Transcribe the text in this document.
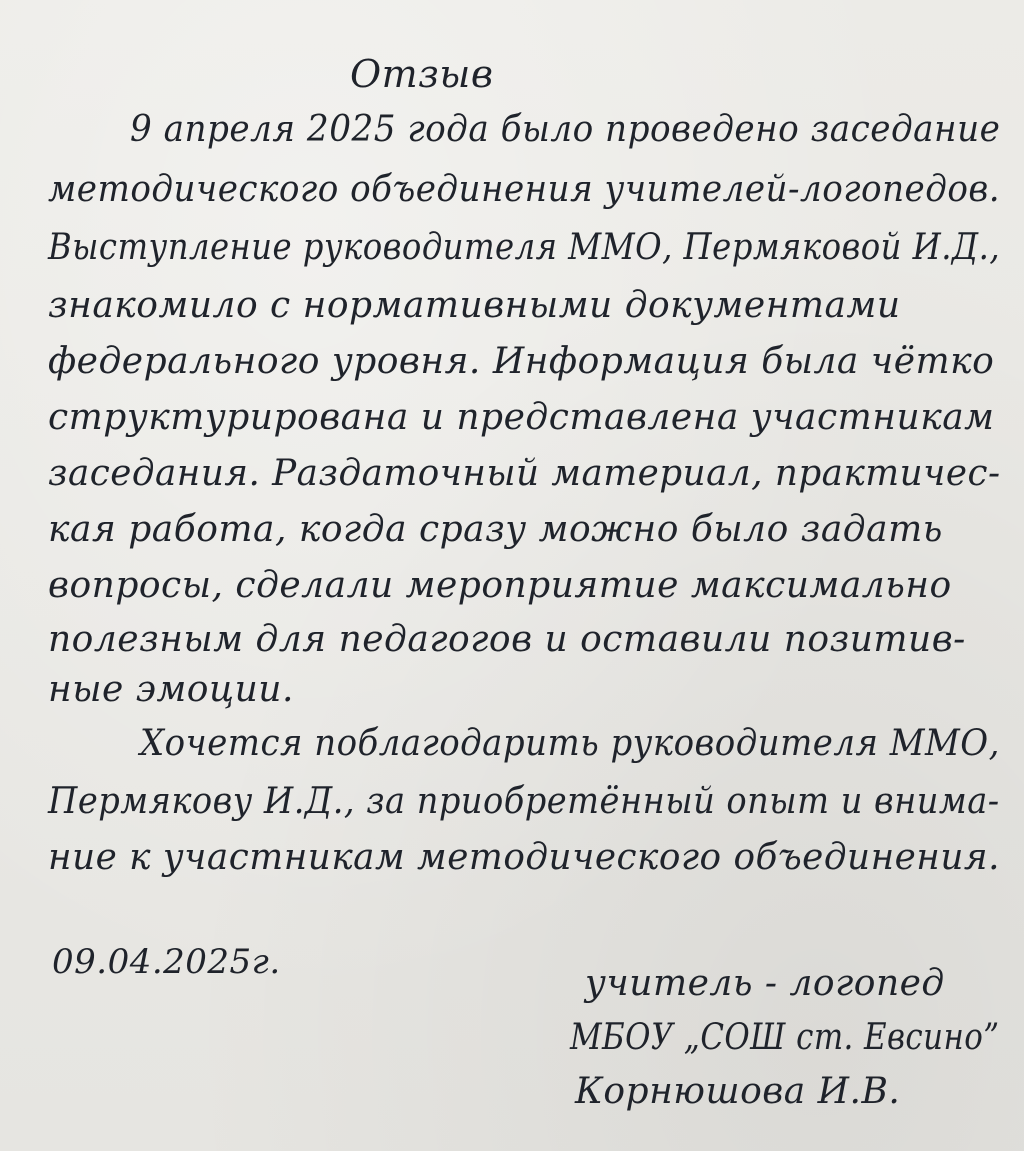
Отзыв
9 апреля 2025 года было проведено заседание
методического объединения учителей-логопедов.
Выступление руководителя ММО, Пермяковой И.Д.,
знакомило с нормативными документами
федерального уровня. Информация была чётко
структурирована и представлена участникам
заседания. Раздаточный материал, практичес-
кая работа, когда сразу можно было задать
вопросы, сделали мероприятие максимально
полезным для педагогов и оставили позитив-
ные эмоции.
Хочется поблагодарить руководителя ММО,
Пермякову И.Д., за приобретённый опыт и внима-
ние к участникам методического объединения.
09.04.2025г.
учитель - логопед
МБОУ „СОШ ст. Евсино”
Корнюшова И.В.
